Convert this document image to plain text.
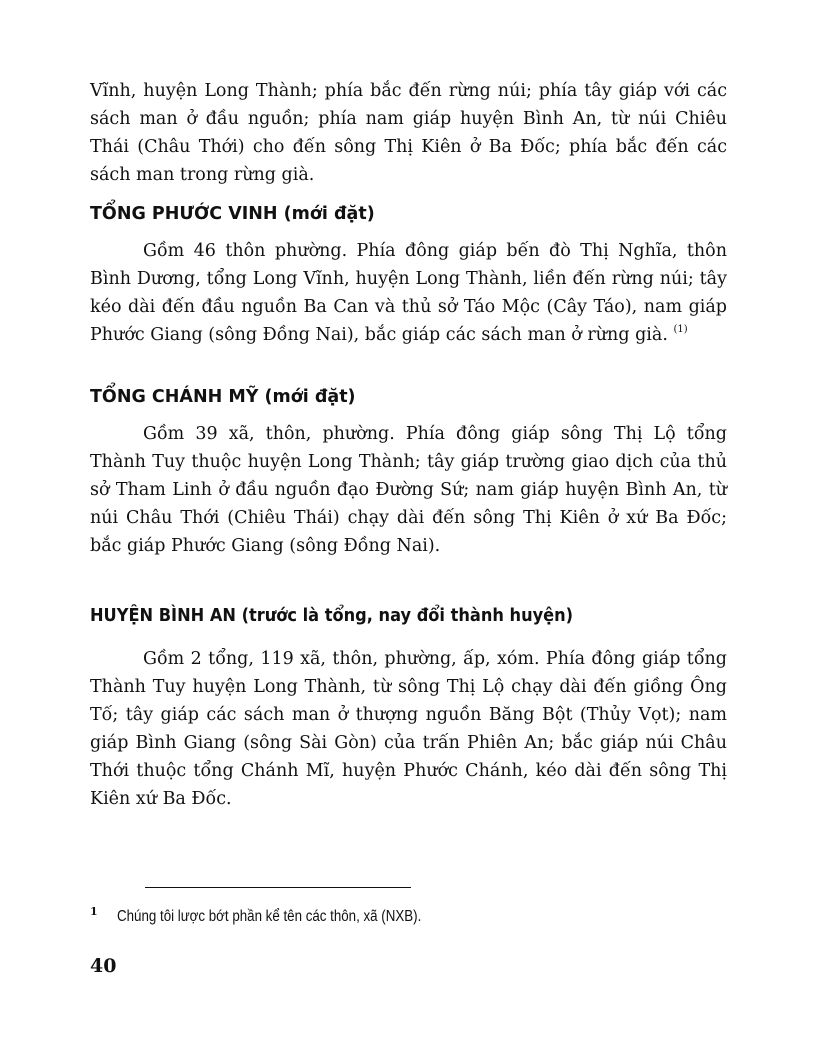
Vĩnh, huyện Long Thành; phía bắc đến rừng núi; phía tây giáp với các sách man ở đầu nguồn; phía nam giáp huyện Bình An, từ núi Chiêu Thái (Châu Thới) cho đến sông Thị Kiên ở Ba Đốc; phía bắc đến các sách man trong rừng già.

TỔNG PHƯỚC VINH (mới đặt)

Gồm 46 thôn phường. Phía đông giáp bến đò Thị Nghĩa, thôn Bình Dương, tổng Long Vĩnh, huyện Long Thành, liền đến rừng núi; tây kéo dài đến đầu nguồn Ba Can và thủ sở Táo Mộc (Cây Táo), nam giáp Phước Giang (sông Đồng Nai), bắc giáp các sách man ở rừng già. $^{(1)}$

TỔNG CHÁNH MỸ (mới đặt)

Gồm 39 xã, thôn, phường. Phía đông giáp sông Thị Lộ tổng Thành Tuy thuộc huyện Long Thành; tây giáp trường giao dịch của thủ sở Tham Linh ở đầu nguồn đạo Đường Sứ; nam giáp huyện Bình An, từ núi Châu Thới (Chiêu Thái) chạy dài đến sông Thị Kiên ở xứ Ba Đốc; bắc giáp Phước Giang (sông Đồng Nai).

HUYỆN BÌNH AN (trước là tổng, nay đổi thành huyện)

Gồm 2 tổng, 119 xã, thôn, phường, ấp, xóm. Phía đông giáp tổng Thành Tuy huyện Long Thành, từ sông Thị Lộ chạy dài đến giồng Ông Tố; tây giáp các sách man ở thượng nguồn Băng Bột (Thủy Vọt); nam giáp Bình Giang (sông Sài Gòn) của trấn Phiên An; bắc giáp núi Châu Thới thuộc tổng Chánh Mĩ, huyện Phước Chánh, kéo dài đến sông Thị Kiên xứ Ba Đốc.

1 Chúng tôi lược bớt phần kể tên các thôn, xã (NXB).
40
